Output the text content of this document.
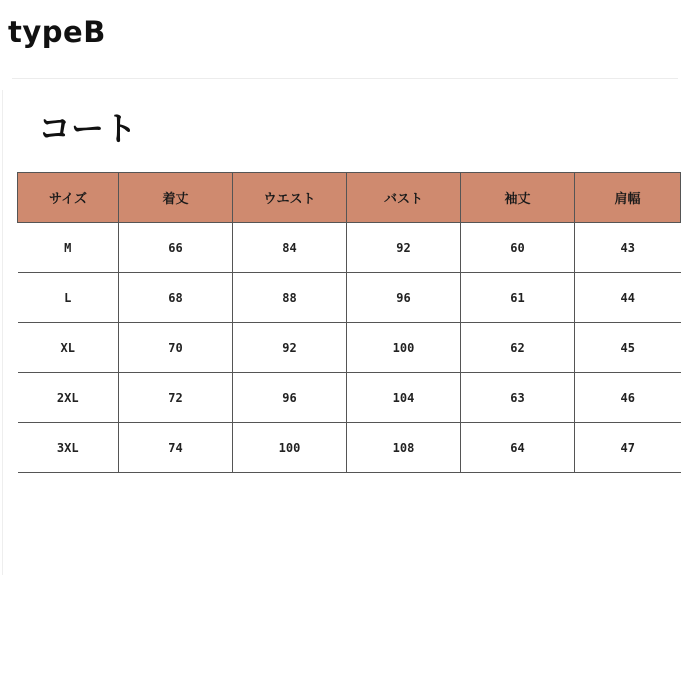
typeB
コート
サイズ	着丈	ウエスト	バスト	袖丈	肩幅
M	66	84	92	60	43
L	68	88	96	61	44
XL	70	92	100	62	45
2XL	72	96	104	63	46
3XL	74	100	108	64	47
